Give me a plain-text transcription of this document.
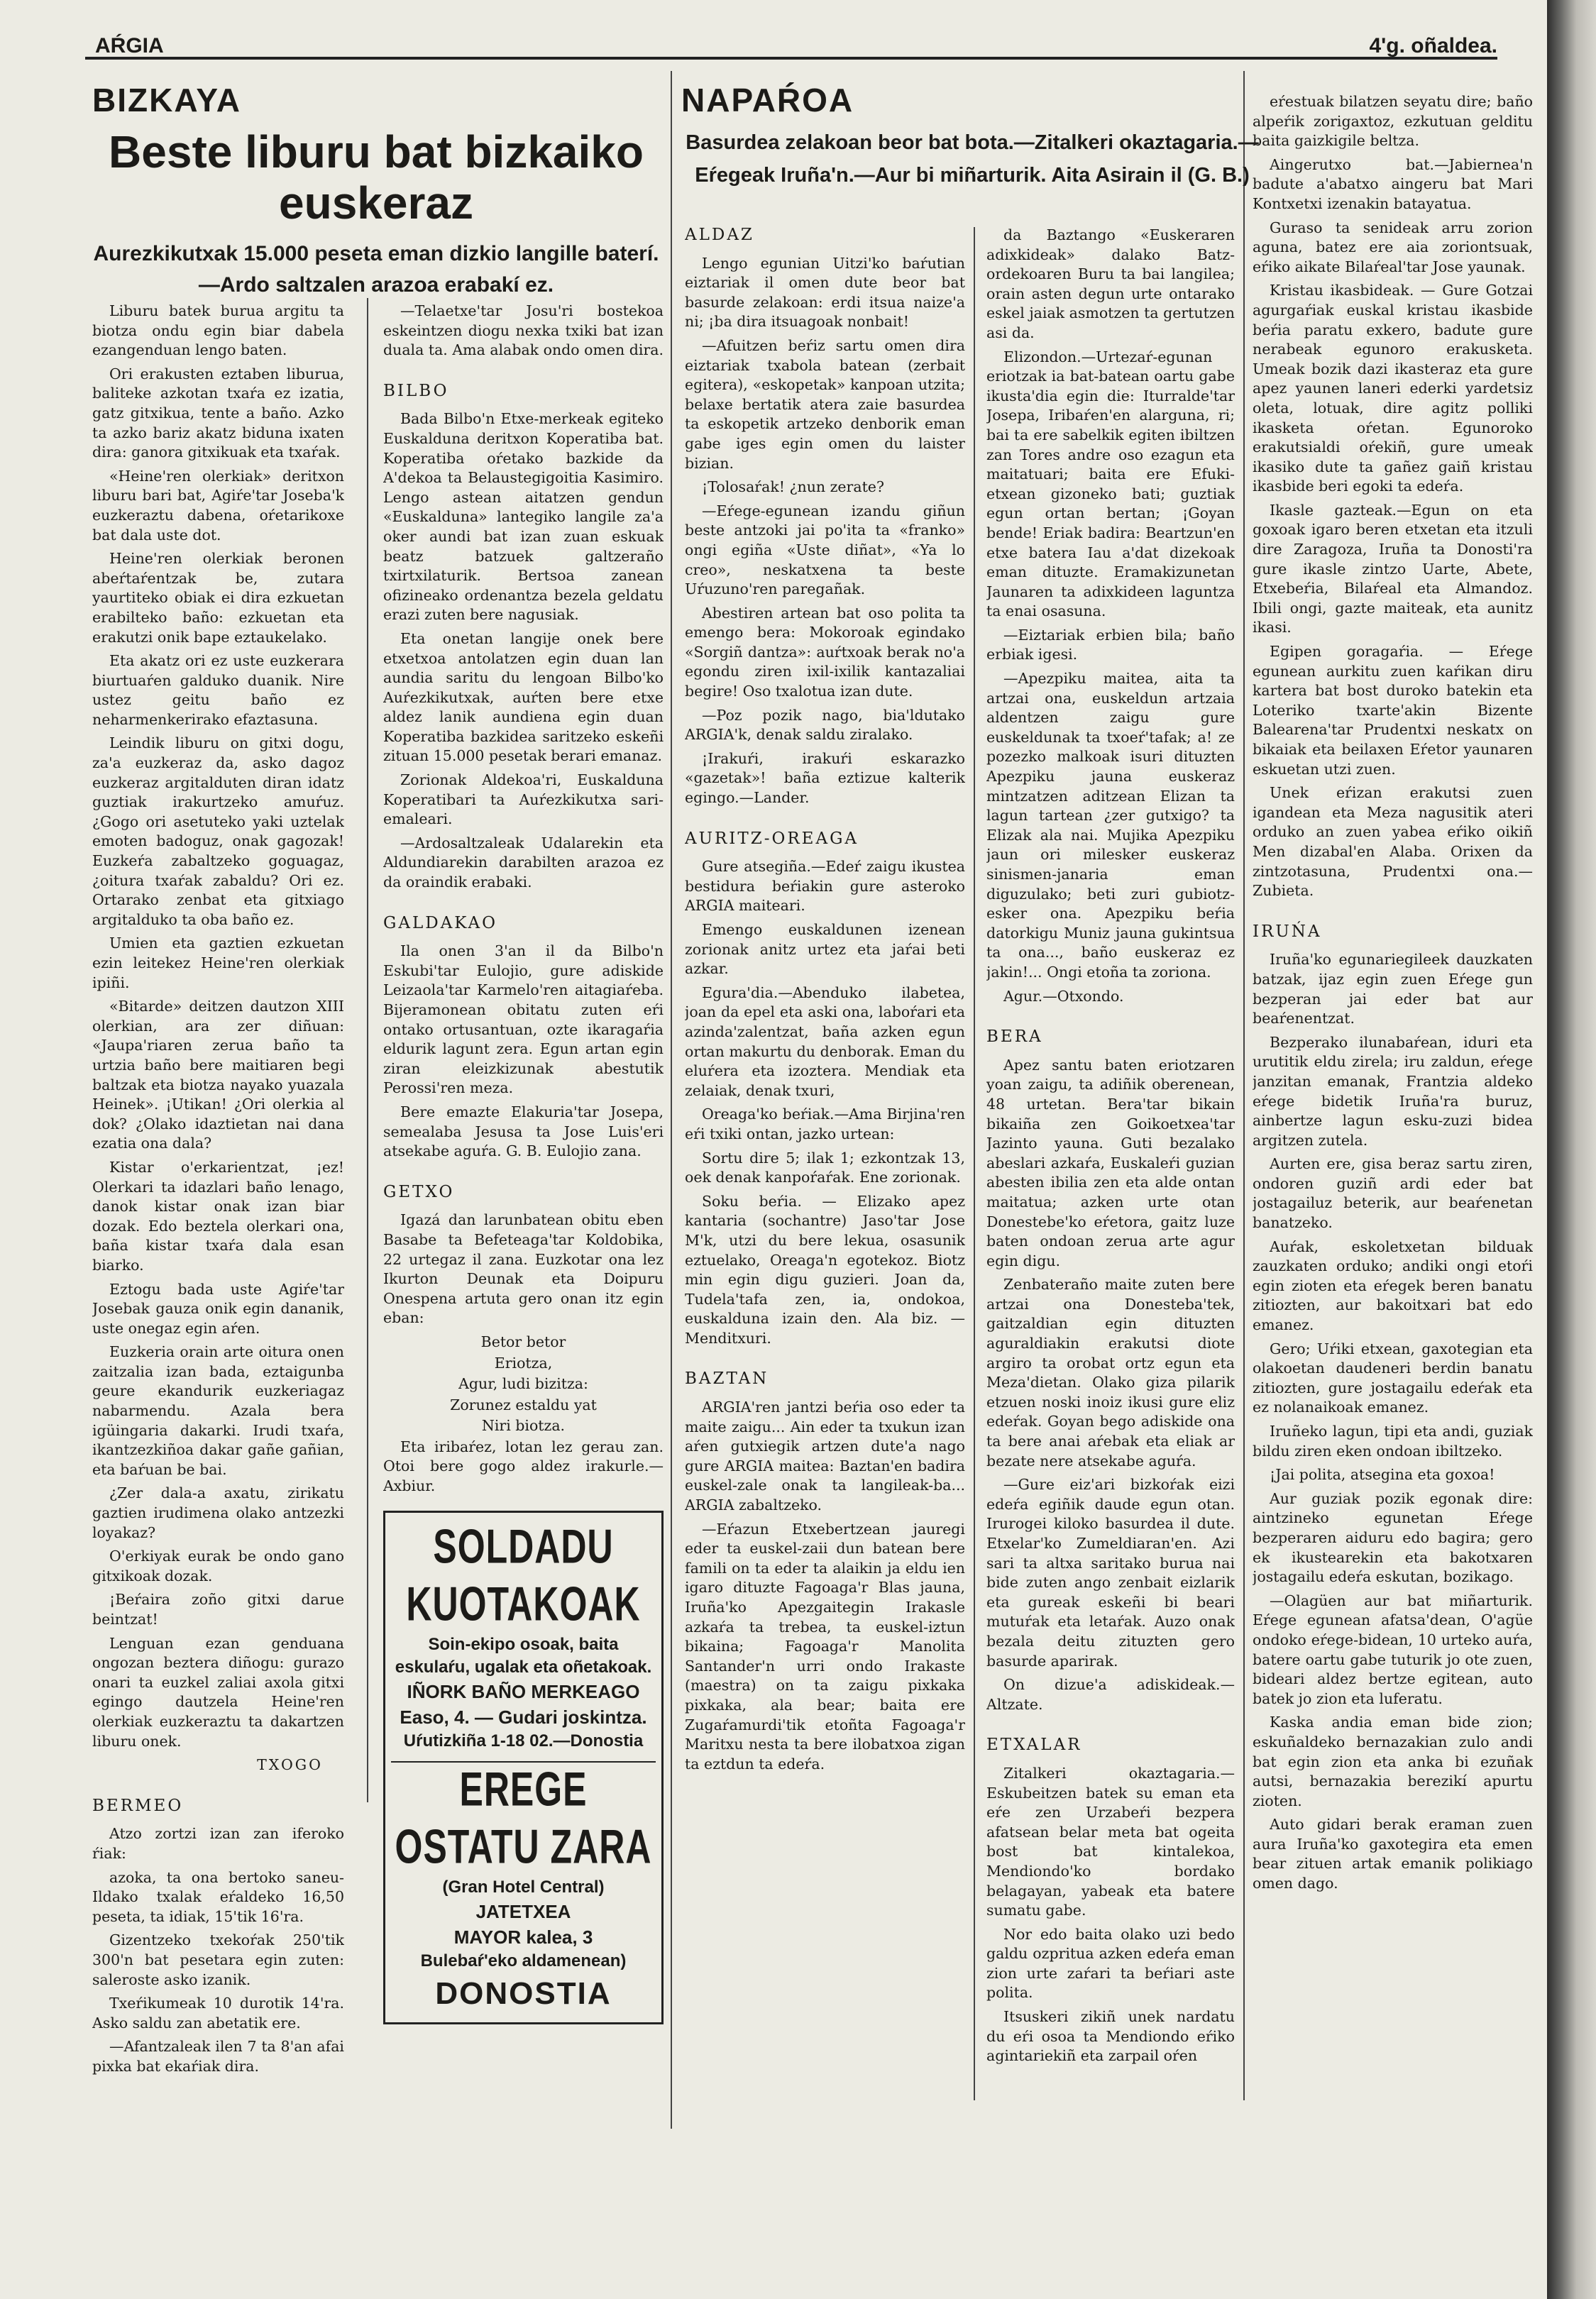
AŔGIA	4'g. oñaldea.
BIZKAYA
Beste liburu bat bizkaiko euskeraz
Aurezkikutxak 15.000 peseta eman dizkio langille baterí.—Ardo saltzalen arazoa erabakí ez.

Liburu batek burua argitu ta biotza ondu egin biar dabela ezangenduan lengo baten.

Ori erakusten eztaben liburua, baliteke azkotan txaŕa ez izatia, gatz gitxikua, tente a baño. Azko ta azko bariz akatz biduna ixaten dira: ganora gitxikuak eta txaŕak.

«Heine'ren olerkiak» deritxon liburu bari bat, Agiŕe'tar Joseba'k euzkeraztu dabena, oŕetarikoxe bat dala uste dot.

Heine'ren olerkiak beronen abeŕtaŕentzak be, zutara yaurtiteko obiak ei dira ezkuetan erabilteko baño: ezkuetan eta erakutzi onik bape eztaukelako.

Eta akatz ori ez uste euzkerara biurtuaŕen galduko duanik. Nire ustez geitu baño ez neharmenkerirako efaztasuna.

Leindik liburu on gitxi dogu, za'a euzkeraz da, asko dagoz euzkeraz argitalduten diran idatz guztiak irakurtzeko amuŕuz. ¿Gogo ori asetuteko yaki uztelak emoten badoguz, onak gagozak! Euzkeŕa zabaltzeko goguagaz, ¿oitura txaŕak zabaldu? Ori ez. Ortarako zenbat eta gitxiago argitalduko ta oba baño ez.

Umien eta gaztien ezkuetan ezin leitekez Heine'ren olerkiak ipiñi.

«Bitarde» deitzen dautzon XIII olerkian, ara zer diñuan: «Jaupa'riaren zerua baño ta urtzia baño bere maitiaren begi baltzak eta biotza nayako yuazala Heinek». ¡Utikan! ¿Ori olerkia al dok? ¿Olako idaztietan nai dana ezatia ona dala?

Kistar o'erkarientzat, ¡ez! Olerkari ta idazlari baño lenago, danok kistar onak izan biar dozak. Edo beztela olerkari ona, baña kistar txaŕa dala esan biarko.

Eztogu bada uste Agiŕe'tar Josebak gauza onik egin dananik, uste onegaz egin aŕen.

Euzkeria orain arte oitura onen zaitzalia izan bada, eztaigunba geure ekandurik euzkeriagaz nabarmendu. Azala bera igüingaria dakarki. Irudi txaŕa, ikantzezkiñoa dakar gañe gañian, eta baŕuan be bai.

¿Zer dala-a axatu, zirikatu gaztien irudimena olako antzezki loyakaz?

O'erkiyak eurak be ondo gano gitxikoak dozak.

¡Beŕaira zoño gitxi darue beintzat!

Lenguan ezan genduana ongozan beztera diñogu: gurazo onari ta euzkel zaliai axola gitxi egingo dautzela Heine'ren olerkiak euzkeraztu ta dakartzen liburu onek.

TXOGO

BERMEO

Atzo zortzi izan zan iferoko ŕiak:

azoka, ta ona bertoko saneu-Ildako txalak eŕaldeko 16,50 peseta, ta idiak, 15'tik 16'ra.

Gizentzeko txekoŕak 250'tik 300'n bat pesetara egin zuten: saleroste asko izanik.

Txeŕikumeak 10 durotik 14'ra. Asko saldu zan abetatik ere.

—Afantzaleak ilen 7 ta 8'an afai pixka bat ekaŕiak dira.

—Telaetxe'tar Josu'ri bostekoa eskeintzen diogu nexka txiki bat izan duala ta. Ama alabak ondo omen dira.

BILBO

Bada Bilbo'n Etxe-merkeak egiteko Euskalduna deritxon Koperatiba bat. Koperatiba oŕetako bazkide da A'dekoa ta Belaustegigoitia Kasimiro. Lengo astean aitatzen gendun «Euskalduna» lantegiko langile za'a oker aundi bat izan zuan eskuak beatz batzuek galtzeraño txirtxilaturik. Bertsoa zanean ofizineako ordenantza bezela geldatu erazi zuten bere nagusiak.

Eta onetan langije onek bere etxetxoa antolatzen egin duan lan aundia saritu du lengoan Bilbo'ko Auŕezkikutxak, auŕten bere etxe aldez lanik aundiena egin duan Koperatiba bazkidea saritzeko eskeñi zituan 15.000 pesetak berari emanaz.

Zorionak Aldekoa'ri, Euskalduna Koperatibari ta Auŕezkikutxa sari-emaleari.

—Ardosaltzaleak Udalarekin eta Aldundiarekin darabilten arazoa ez da oraindik erabaki.

GALDAKAO

Ila onen 3'an il da Bilbo'n Eskubi'tar Eulojio, gure adiskide Leizaola'tar Karmelo'ren aitagiaŕeba. Bijeramonean obitatu zuten eŕi ontako ortusantuan, ozte ikaragaŕia eldurik lagunt zera. Egun artan egin ziran eleizkizunak abestutik Perossi'ren meza.

Bere emazte Elakuria'tar Josepa, semealaba Jesusa ta Jose Luis'eri atsekabe aguŕa. G. B. Eulojio zana.

GETXO

Igazá dan larunbatean obitu eben Basabe ta Befeteaga'tar Koldobika, 22 urtegaz il zana. Euzkotar ona lez Ikurton Deunak eta Doipuru Onespena artuta gero onan itz egin eban:

Betor betor

Eriotza,

Agur, ludi bizitza:

Zorunez estaldu yat

Niri biotza.

Eta iribaŕez, lotan lez gerau zan. Otoi bere gogo aldez irakurle.—Axbiur.

SOLDADU KUOTAKOAK
Soin-ekipo osoak, baita eskulaŕu, ugalak eta oñetakoak.
IÑORK BAÑO MERKEAGO
Easo, 4. — Gudari joskintza.
Uŕutizkiña 1-18 02.—Donostia
EREGE OSTATU ZARA
(Gran Hotel Central)
JATETXEA
MAYOR kalea, 3
Bulebaŕ'eko aldamenean)
DONOSTIA
NAPAŔOA
Basurdea zelakoan beor bat bota.—Zitalkeri okaztagaria.—Eŕegeak Iruña'n.—Aur bi miñarturik. Aita Asirain il (G. B.)

ALDAZ

Lengo egunian Uitzi'ko baŕutian eiztariak il omen dute beor bat basurde zelakoan: erdi itsua naize'a ni; ¡ba dira itsuagoak nonbait!

—Afuitzen beŕiz sartu omen dira eiztariak txabola batean (zerbait egitera), «eskopetak» kanpoan utzita; belaxe bertatik atera zaie basurdea ta eskopetik artzeko denborik eman gabe iges egin omen du laister bizian.

¡Tolosaŕak! ¿nun zerate?

—Eŕege-egunean izandu giñun beste antzoki jai po'ita ta «franko» ongi egiña «Uste diñat», «Ya lo creo», neskatxena ta beste Uŕuzuno'ren paregañak.

Abestiren artean bat oso polita ta emengo bera: Mokoroak egindako «Sorgiñ dantza»: auŕtxoak berak no'a egondu ziren ixil-ixilik kantazaliai begire! Oso txalotua izan dute.

—Poz pozik nago, bia'ldutako ARGIA'k, denak saldu ziralako.

¡Irakuŕi, irakuŕi eskarazko «gazetak»! baña eztizue kalterik egingo.—Lander.

AURITZ-OREAGA

Gure atsegiña.—Edeŕ zaigu ikustea bestidura beŕiakin gure asteroko ARGIA maiteari.

Emengo euskaldunen izenean zorionak anitz urtez eta jaŕai beti azkar.

Egura'dia.—Abenduko ilabetea, joan da epel eta aski ona, laboŕari eta azinda'zalentzat, baña azken egun ortan makurtu du denborak. Eman du eluŕera eta izoztera. Mendiak eta zelaiak, denak txuri,

Oreaga'ko beŕiak.—Ama Birjina'ren eŕi txiki ontan, jazko urtean:

Sortu dire 5; ilak 1; ezkontzak 13, oek denak kanpoŕaŕak. Ene zorionak.

Soku beŕia. — Elizako apez kantaria (sochantre) Jaso'tar Jose M'k, utzi du bere lekua, osasunik eztuelako, Oreaga'n egotekoz. Biotz min egin digu guzieri. Joan da, Tudela'tafa zen, ia, ondokoa, euskalduna izain den. Ala biz. — Menditxuri.

BAZTAN

ARGIA'ren jantzi beŕia oso eder ta maite zaigu... Ain eder ta txukun izan aŕen gutxiegik artzen dute'a nago gure ARGIA maitea: Baztan'en badira euskel-zale onak ta langileak-ba... ARGIA zabaltzeko.

—Eŕazun Etxebertzean jauregi eder ta euskel-zaii dun batean bere famili on ta eder ta alaikin ja eldu ien igaro dituzte Fagoaga'r Blas jauna, Iruña'ko Apezgaitegin Irakasle azkaŕa ta trebea, ta euskel-iztun bikaina; Fagoaga'r Manolita Santander'n urri ondo Irakaste (maestra) on ta zaigu pixkaka pixkaka, ala bear; baita ere Zugaŕamurdi'tik etoñta Fagoaga'r Maritxu nesta ta bere ilobatxoa zigan ta eztdun ta edeŕa.

da Baztango «Euskeraren adixkideak» dalako Batz-ordekoaren Buru ta bai langilea; orain asten degun urte ontarako eskel jaiak asmotzen ta gertutzen asi da.

Elizondon.—Urtezaŕ-egunan eriotzak ia bat-batean oartu gabe ikusta'dia egin die: Iturralde'tar Josepa, Iribaŕen'en alarguna, ri; bai ta ere sabelkik egiten ibiltzen zan Tores andre oso ezagun eta maitatuari; baita ere Efuki-etxean gizoneko bati; guztiak egun ortan bertan; ¡Goyan bende! Eriak badira: Beartzun'en etxe batera Iau a'dat dizekoak eman dituzte. Eramakizunetan Jaunaren ta adixkideen laguntza ta enai osasuna.

—Eiztariak erbien bila; baño erbiak igesi.

—Apezpiku maitea, aita ta artzai ona, euskeldun artzaia aldentzen zaigu gure euskeldunak ta txoeŕ'tafak; a! ze pozezko malkoak isuri dituzten Apezpiku jauna euskeraz mintzatzen aditzean Elizan ta lagun tartean ¿zer gutxigo? ta Elizak ala nai. Mujika Apezpiku jaun ori milesker euskeraz sinismen-janaria eman diguzulako; beti zuri gubiotz-esker ona. Apezpiku beŕia datorkigu Muniz jauna gukintsua ta ona..., baño euskeraz ez jakin!... Ongi etoña ta zoriona.

Agur.—Otxondo.

BERA

Apez santu baten eriotzaren yoan zaigu, ta adiñik oberenean, 48 urtetan. Bera'tar bikain bikaiña zen Goikoetxea'tar Jazinto yauna. Guti bezalako abeslari azkaŕa, Euskaleŕi guzian abesten ibilia zen eta alde ontan maitatua; azken urte otan Donestebe'ko eŕetora, gaitz luze baten ondoan zerua arte agur egin digu.

Zenbateraño maite zuten bere artzai ona Donesteba'tek, gaitzaldian egin dituzten aguraldiakin erakutsi diote argiro ta orobat ortz egun eta Meza'dietan. Olako giza pilarik etzuen noski inoiz ikusi gure eliz edeŕak. Goyan bego adiskide ona ta bere anai aŕebak eta eliak ar bezate nere atsekabe aguŕa.

—Gure eiz'ari bizkoŕak eizi edeŕa egiñik daude egun otan. Irurogei kiloko basurdea il dute. Etxelar'ko Zumeldiaran'en. Azi sari ta altxa saritako burua nai bide zuten ango zenbait eizlarik eta gureak eskeñi bi beari mutuŕak eta letaŕak. Auzo onak bezala deitu zituzten gero basurde aparirak.

On dizue'a adiskideak.—Altzate.

ETXALAR

Zitalkeri okaztagaria.—Eskubeitzen batek su eman eta eŕe zen Urzabeŕi bezpera afatsean belar meta bat ogeita bost bat kintalekoa, Mendiondo'ko bordako belagayan, yabeak eta batere sumatu gabe.

Nor edo baita olako uzi bedo galdu ozpritua azken edeŕa eman zion urte zaŕari ta beŕiari aste polita.

Itsuskeri zikiñ unek nardatu du eŕi osoa ta Mendiondo eŕiko agintariekiñ eta zarpail oŕen

eŕestuak bilatzen seyatu dire; baño alpeŕik zorigaxtoz, ezkutuan gelditu baita gaizkigile beltza.

Aingerutxo bat.—Jabiernea'n badute a'abatxo aingeru bat Mari Kontxetxi izenakin batayatua.

Guraso ta senideak arru zorion aguna, batez ere aia zoriontsuak, eŕiko aikate Bilaŕeal'tar Jose yaunak.

Kristau ikasbideak. — Gure Gotzai agurgaŕiak euskal kristau ikasbide beŕia paratu exkero, badute gure nerabeak egunoro erakusketa. Umeak bozik dazi ikasteraz eta gure apez yaunen laneri ederki yardetsiz oleta, lotuak, dire agitz polliki ikasketa oŕetan. Egunoroko erakutsialdi oŕekiñ, gure umeak ikasiko dute ta gañez gaiñ kristau ikasbide beri egoki ta edeŕa.

Ikasle gazteak.—Egun on eta goxoak igaro beren etxetan eta itzuli dire Zaragoza, Iruña ta Donosti'ra gure ikasle zintzo Uarte, Abete, Etxebeŕia, Bilaŕeal eta Almandoz. Ibili ongi, gazte maiteak, eta aunitz ikasi.

Egipen goragaŕia. — Eŕege egunean aurkitu zuen kaŕikan diru kartera bat bost duroko batekin eta Loteriko txarte'akin Bizente Balearena'tar Prudentxi neskatx on bikaiak eta beilaxen Eŕetor yaunaren eskuetan utzi zuen.

Unek eŕizan erakutsi zuen igandean eta Meza nagusitik ateri orduko an zuen yabea eŕiko oikiñ Men dizabal'en Alaba. Orixen da zintzotasuna, Prudentxi ona.—Zubieta.

IRUŃA

Iruña'ko egunariegileek dauzkaten batzak, ijaz egin zuen Eŕege gun bezperan jai eder bat aur beaŕenentzat.

Bezperako ilunabaŕean, iduri eta urutitik eldu zirela; iru zaldun, eŕege janzitan emanak, Frantzia aldeko eŕege bidetik Iruña'ra buruz, ainbertze lagun esku-zuzi bidea argitzen zutela.

Aurten ere, gisa beraz sartu ziren, ondoren guziñ ardi eder bat jostagailuz beterik, aur beaŕenetan banatzeko.

Auŕak, eskoletxetan bilduak zauzkaten orduko; andiki ongi etoŕi egin zioten eta eŕegek beren banatu zitiozten, aur bakoitxari bat edo emanez.

Gero; Uŕiki etxean, gaxotegian eta olakoetan daudeneri berdin banatu zitiozten, gure jostagailu edeŕak eta ez nolanaikoak emanez.

Iruñeko lagun, tipi eta andi, guziak bildu ziren eken ondoan ibiltzeko.

¡Jai polita, atsegina eta goxoa!

Aur guziak pozik egonak dire: aintzineko egunetan Eŕege bezperaren aiduru edo bagira; gero ek ikustearekin eta bakotxaren jostagailu edeŕa eskutan, bozikago.

—Olagüen aur bat miñarturik. Eŕege egunean afatsa'dean, O'agüe ondoko eŕege-bidean, 10 urteko auŕa, batere oartu gabe tuturik jo ote zuen, bideari aldez bertze egitean, auto batek jo zion eta luferatu.

Kaska andia eman bide zion; eskuñaldeko bernazakian zulo andi bat egin zion eta anka bi ezuñak autsi, bernazakia berezikí apurtu zioten.

Auto gidari berak eraman zuen aura Iruña'ko gaxotegira eta emen bear zituen artak emanik polikiago omen dago.
